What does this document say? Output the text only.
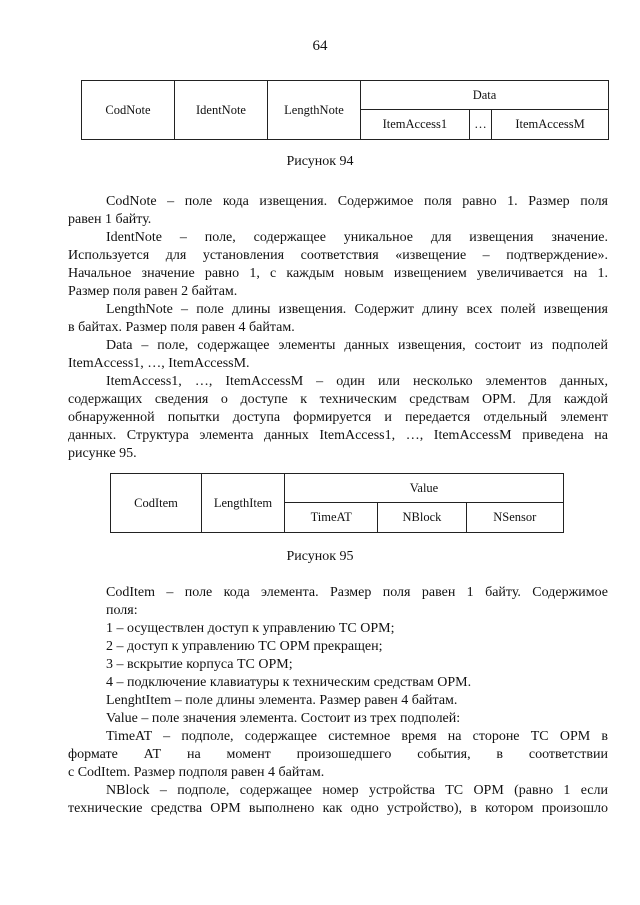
64
CodNote	IdentNote	LengthNote	Data		
			ItemAccess1	…	ItemAccessM
Рисунок 94
CodNote – поле кода извещения. Содержимое поля равно 1. Размер поля
равен 1 байту.
IdentNote – поле, содержащее уникальное для извещения значение.
Используется для установления соответствия «извещение – подтверждение».
Начальное значение равно 1, с каждым новым извещением увеличивается на 1.
Размер поля равен 2 байтам.
LengthNote – поле длины извещения. Содержит длину всех полей извещения
в байтах. Размер поля равен 4 байтам.
Data – поле, содержащее элементы данных извещения, состоит из подполей
ItemAccess1, …, ItemAccessM.
ItemAccess1, …, ItemAccessM – один или несколько элементов данных,
содержащих сведения о доступе к техническим средствам ОРМ. Для каждой
обнаруженной попытки доступа формируется и передается отдельный элемент
данных. Структура элемента данных ItemAccess1, …, ItemAccessM приведена на
рисунке 95.
CodItem	LengthItem	Value		
		TimeAT	NBlock	NSensor
Рисунок 95
CodItem – поле кода элемента. Размер поля равен 1 байту. Содержимое
поля:
1 – осуществлен доступ к управлению ТС ОРМ;
2 – доступ к управлению ТС ОРМ прекращен;
3 – вскрытие корпуса ТС ОРМ;
4 – подключение клавиатуры к техническим средствам ОРМ.
LenghtItem – поле длины элемента. Размер равен 4 байтам.
Value – поле значения элемента. Состоит из трех подполей:
TimeAT – подполе, содержащее системное время на стороне ТС ОРМ в
формате АТ на момент произошедшего события, в соответствии
с CodItem. Размер подполя равен 4 байтам.
NBlock – подполе, содержащее номер устройства ТС ОРМ (равно 1 если
технические средства ОРМ выполнено как одно устройство), в котором произошло
